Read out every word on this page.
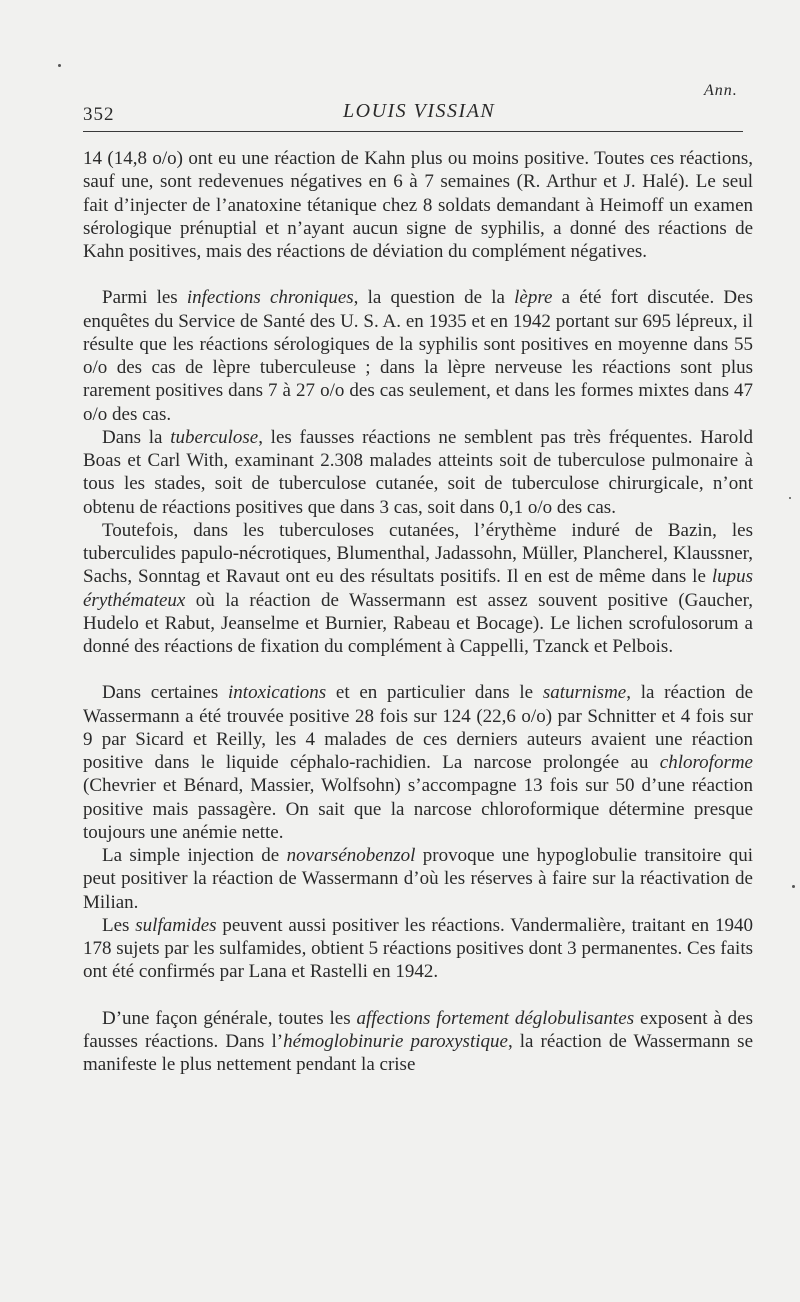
Ann.
352	LOUIS VISSIAN

14 (14,8 o/o) ont eu une réaction de Kahn plus ou moins positive. Toutes ces réactions, sauf une, sont redevenues négatives en 6 à 7 semaines (R. Arthur et J. Halé). Le seul fait d’injecter de l’anatoxine tétanique chez 8 soldats demandant à Heimoff un examen sérologique prénuptial et n’ayant aucun signe de syphilis, a donné des réactions de Kahn positives, mais des réactions de déviation du complément négatives.

Parmi les infections chroniques, la question de la lèpre a été fort discutée. Des enquêtes du Service de Santé des U. S. A. en 1935 et en 1942 portant sur 695 lépreux, il résulte que les réactions sérologiques de la syphilis sont positives en moyenne dans 55 o/o des cas de lèpre tuberculeuse ; dans la lèpre nerveuse les réactions sont plus rarement positives dans 7 à 27 o/o des cas seulement, et dans les formes mixtes dans 47 o/o des cas.

Dans la tuberculose, les fausses réactions ne semblent pas très fréquentes. Harold Boas et Carl With, examinant 2.308 malades atteints soit de tuberculose pulmonaire à tous les stades, soit de tuberculose cutanée, soit de tuberculose chirurgicale, n’ont obtenu de réactions positives que dans 3 cas, soit dans 0,1 o/o des cas.

Toutefois, dans les tuberculoses cutanées, l’érythème induré de Bazin, les tuberculides papulo-nécrotiques, Blumenthal, Jadassohn, Müller, Plancherel, Klaussner, Sachs, Sonntag et Ravaut ont eu des résultats positifs. Il en est de même dans le lupus érythémateux où la réaction de Wassermann est assez souvent positive (Gaucher, Hudelo et Rabut, Jeanselme et Burnier, Rabeau et Bocage). Le lichen scrofulosorum a donné des réactions de fixation du complément à Cappelli, Tzanck et Pelbois.

Dans certaines intoxications et en particulier dans le saturnisme, la réaction de Wassermann a été trouvée positive 28 fois sur 124 (22,6 o/o) par Schnitter et 4 fois sur 9 par Sicard et Reilly, les 4 malades de ces derniers auteurs avaient une réaction positive dans le liquide céphalo-rachidien. La narcose prolongée au chloroforme (Chevrier et Bénard, Massier, Wolfsohn) s’accompagne 13 fois sur 50 d’une réaction positive mais passagère. On sait que la narcose chloroformique détermine presque toujours une anémie nette.

La simple injection de novarsénobenzol provoque une hypoglobulie transitoire qui peut positiver la réaction de Wassermann d’où les réserves à faire sur la réactivation de Milian.

Les sulfamides peuvent aussi positiver les réactions. Vandermalière, traitant en 1940 178 sujets par les sulfamides, obtient 5 réactions positives dont 3 permanentes. Ces faits ont été confirmés par Lana et Rastelli en 1942.

D’une façon générale, toutes les affections fortement déglobulisantes exposent à des fausses réactions. Dans l’hémoglobinurie paroxystique, la réaction de Wassermann se manifeste le plus nettement pendant la crise
